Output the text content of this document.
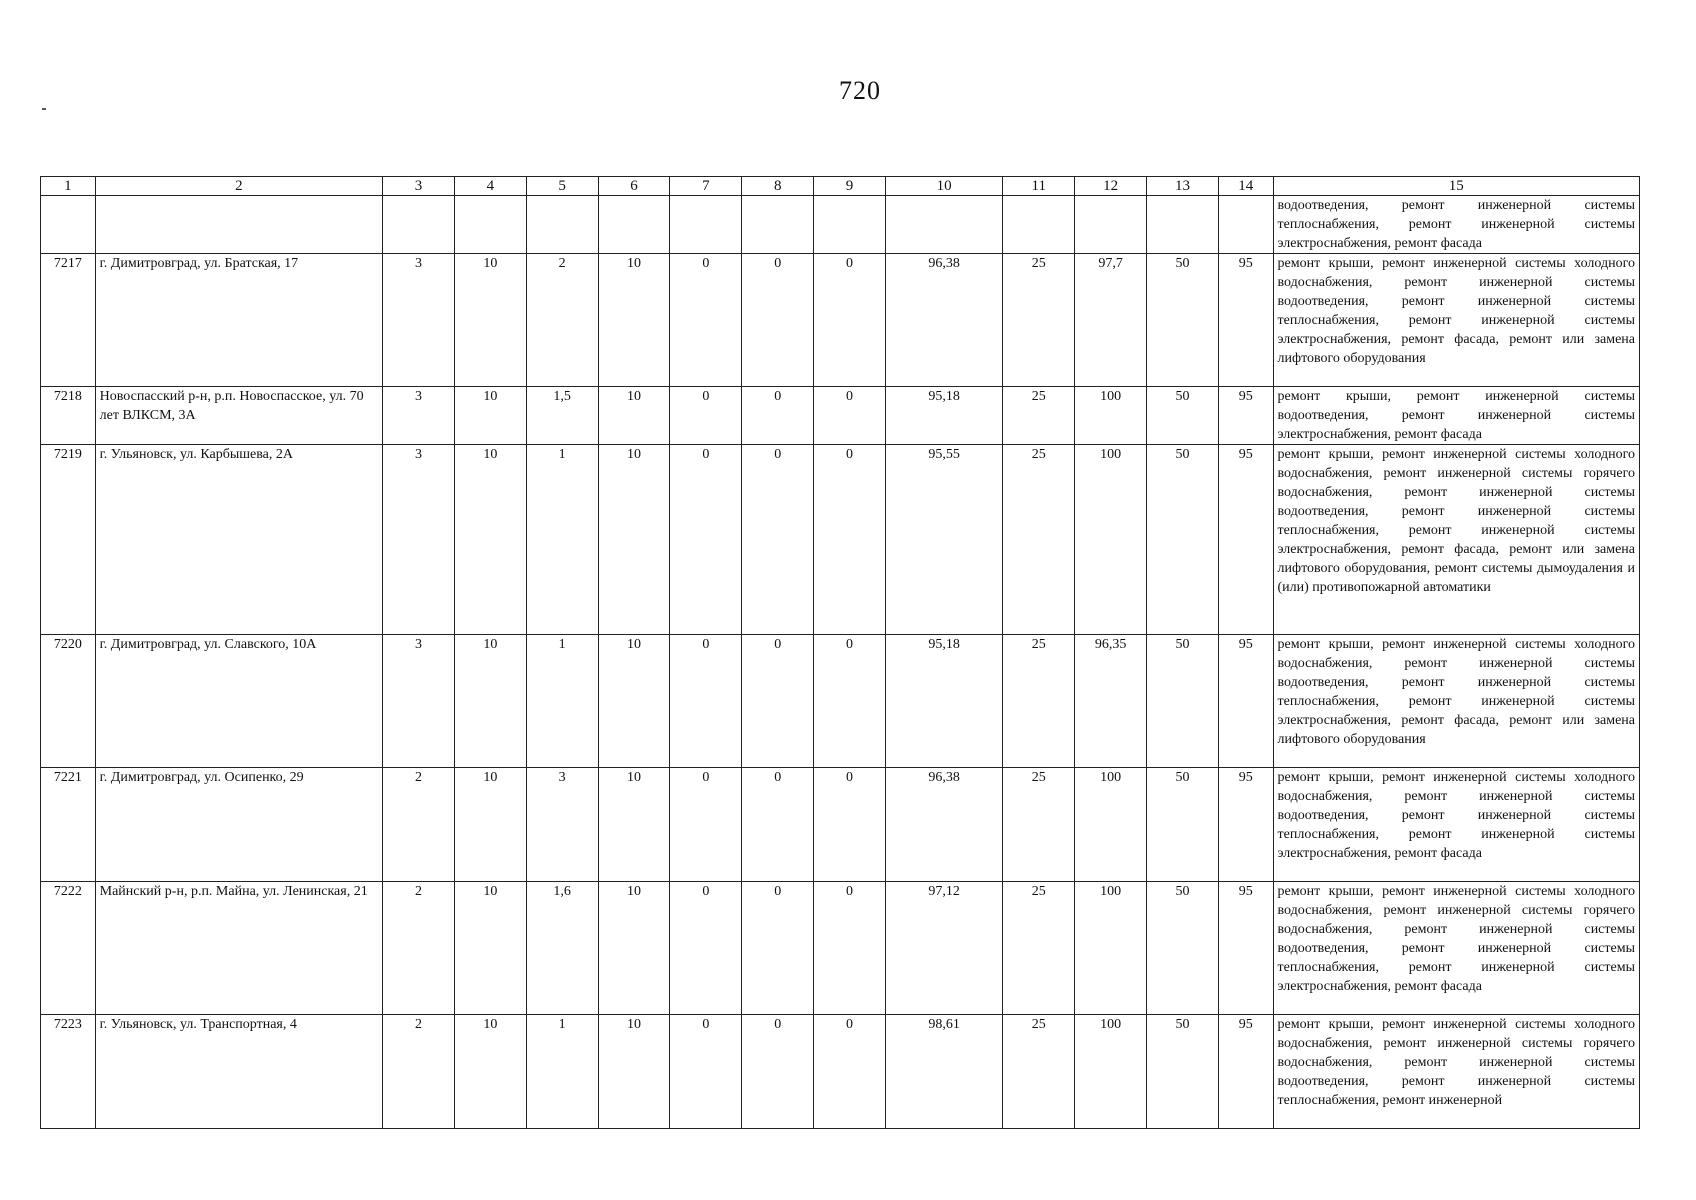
720
1	2	3	4	5	6	7	8	9	10	11	12	13	14	15
														водоотведения, ремонт инженерной системы теплоснабжения, ремонт инженерной системы электроснабжения, ремонт фасада
7217	г. Димитровград, ул. Братская, 17	3	10	2	10	0	0	0	96,38	25	97,7	50	95	ремонт крыши, ремонт инженерной системы холодного водоснабжения, ремонт инженерной системы водоотведения, ремонт инженерной системы теплоснабжения, ремонт инженерной системы электроснабжения, ремонт фасада, ремонт или замена лифтового оборудования
7218	Новоспасский р-н, р.п. Новоспасское, ул. 70 лет ВЛКСМ, 3А	3	10	1,5	10	0	0	0	95,18	25	100	50	95	ремонт крыши, ремонт инженерной системы водоотведения, ремонт инженерной системы электроснабжения, ремонт фасада
7219	г. Ульяновск, ул. Карбышева, 2А	3	10	1	10	0	0	0	95,55	25	100	50	95	ремонт крыши, ремонт инженерной системы холодного водоснабжения, ремонт инженерной системы горячего водоснабжения, ремонт инженерной системы водоотведения, ремонт инженерной системы теплоснабжения, ремонт инженерной системы электроснабжения, ремонт фасада, ремонт или замена лифтового оборудования, ремонт системы дымоудаления и (или) противопожарной автоматики
7220	г. Димитровград, ул. Славского, 10А	3	10	1	10	0	0	0	95,18	25	96,35	50	95	ремонт крыши, ремонт инженерной системы холодного водоснабжения, ремонт инженерной системы водоотведения, ремонт инженерной системы теплоснабжения, ремонт инженерной системы электроснабжения, ремонт фасада, ремонт или замена лифтового оборудования
7221	г. Димитровград, ул. Осипенко, 29	2	10	3	10	0	0	0	96,38	25	100	50	95	ремонт крыши, ремонт инженерной системы холодного водоснабжения, ремонт инженерной системы водоотведения, ремонт инженерной системы теплоснабжения, ремонт инженерной системы электроснабжения, ремонт фасада
7222	Майнский р-н, р.п. Майна, ул. Ленинская, 21	2	10	1,6	10	0	0	0	97,12	25	100	50	95	ремонт крыши, ремонт инженерной системы холодного водоснабжения, ремонт инженерной системы горячего водоснабжения, ремонт инженерной системы водоотведения, ремонт инженерной системы теплоснабжения, ремонт инженерной системы электроснабжения, ремонт фасада
7223	г. Ульяновск, ул. Транспортная, 4	2	10	1	10	0	0	0	98,61	25	100	50	95	ремонт крыши, ремонт инженерной системы холодного водоснабжения, ремонт инженерной системы горячего водоснабжения, ремонт инженерной системы водоотведения, ремонт инженерной системы теплоснабжения, ремонт инженерной
